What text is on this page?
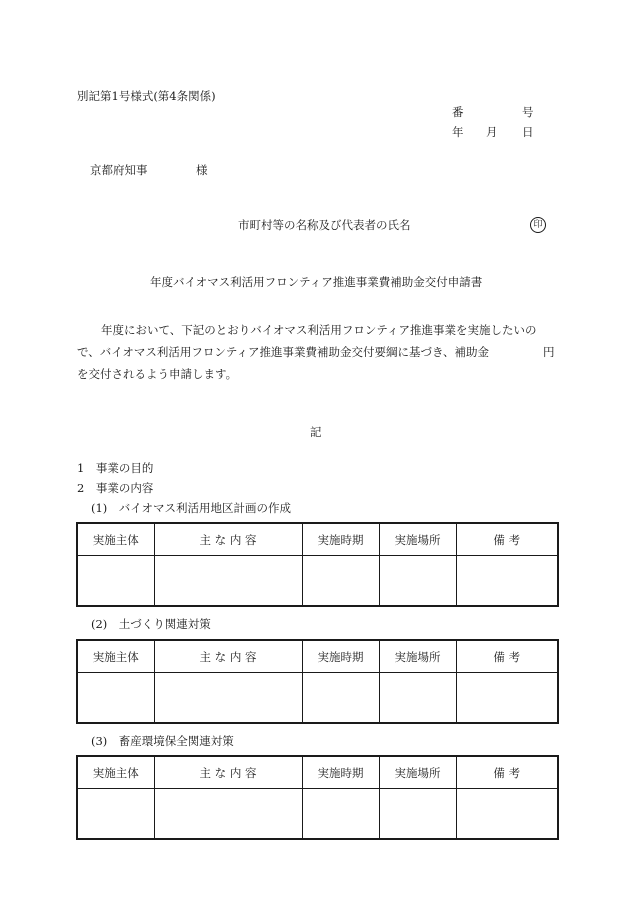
別記第1号様式(第4条関係)
番	号
年 月 日
京都府知事	様
市町村等の名称及び代表者の氏名	印
年度バイオマス利活用フロンティア推進事業費補助金交付申請書
年度において、下記のとおりバイオマス利活用フロンティア推進事業を実施したいの
で、バイオマス利活用フロンティア推進事業費補助金交付要綱に基づき、補助金	円
を交付されるよう申請します。
記
1　事業の目的
2　事業の内容
(1)　バイオマス利活用地区計画の作成
実施主体	主 な 内 容	実施時期	実施場所	備 考

(2)　土づくり関連対策
実施主体	主 な 内 容	実施時期	実施場所	備 考

(3)　畜産環境保全関連対策
実施主体	主 な 内 容	実施時期	実施場所	備 考
